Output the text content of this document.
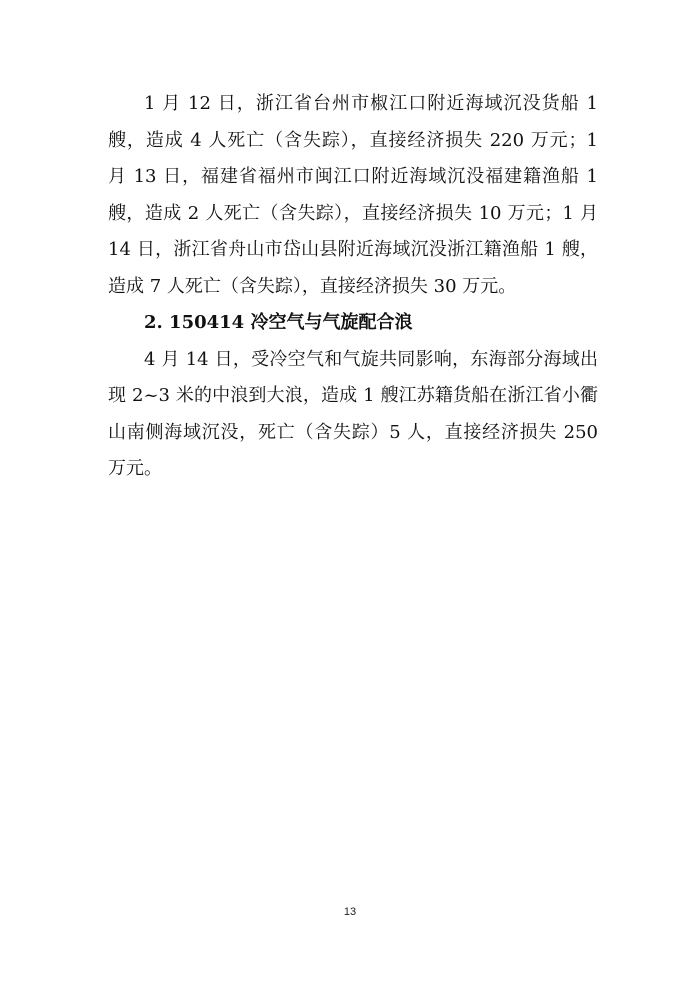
1 月 12 日，浙江省台州市椒江口附近海域沉没货船 1 艘，造成 4 人死亡（含失踪），直接经济损失 220 万元；1 月 13 日，福建省福州市闽江口附近海域沉没福建籍渔船 1 艘，造成 2 人死亡（含失踪），直接经济损失 10 万元；1 月 14 日，浙江省舟山市岱山县附近海域沉没浙江籍渔船 1 艘，造成 7 人死亡（含失踪），直接经济损失 30 万元。

2. 150414 冷空气与气旋配合浪

4 月 14 日，受冷空气和气旋共同影响，东海部分海域出现 2~3 米的中浪到大浪，造成 1 艘江苏籍货船在浙江省小衢山南侧海域沉没，死亡（含失踪）5 人，直接经济损失 250 万元。

13
